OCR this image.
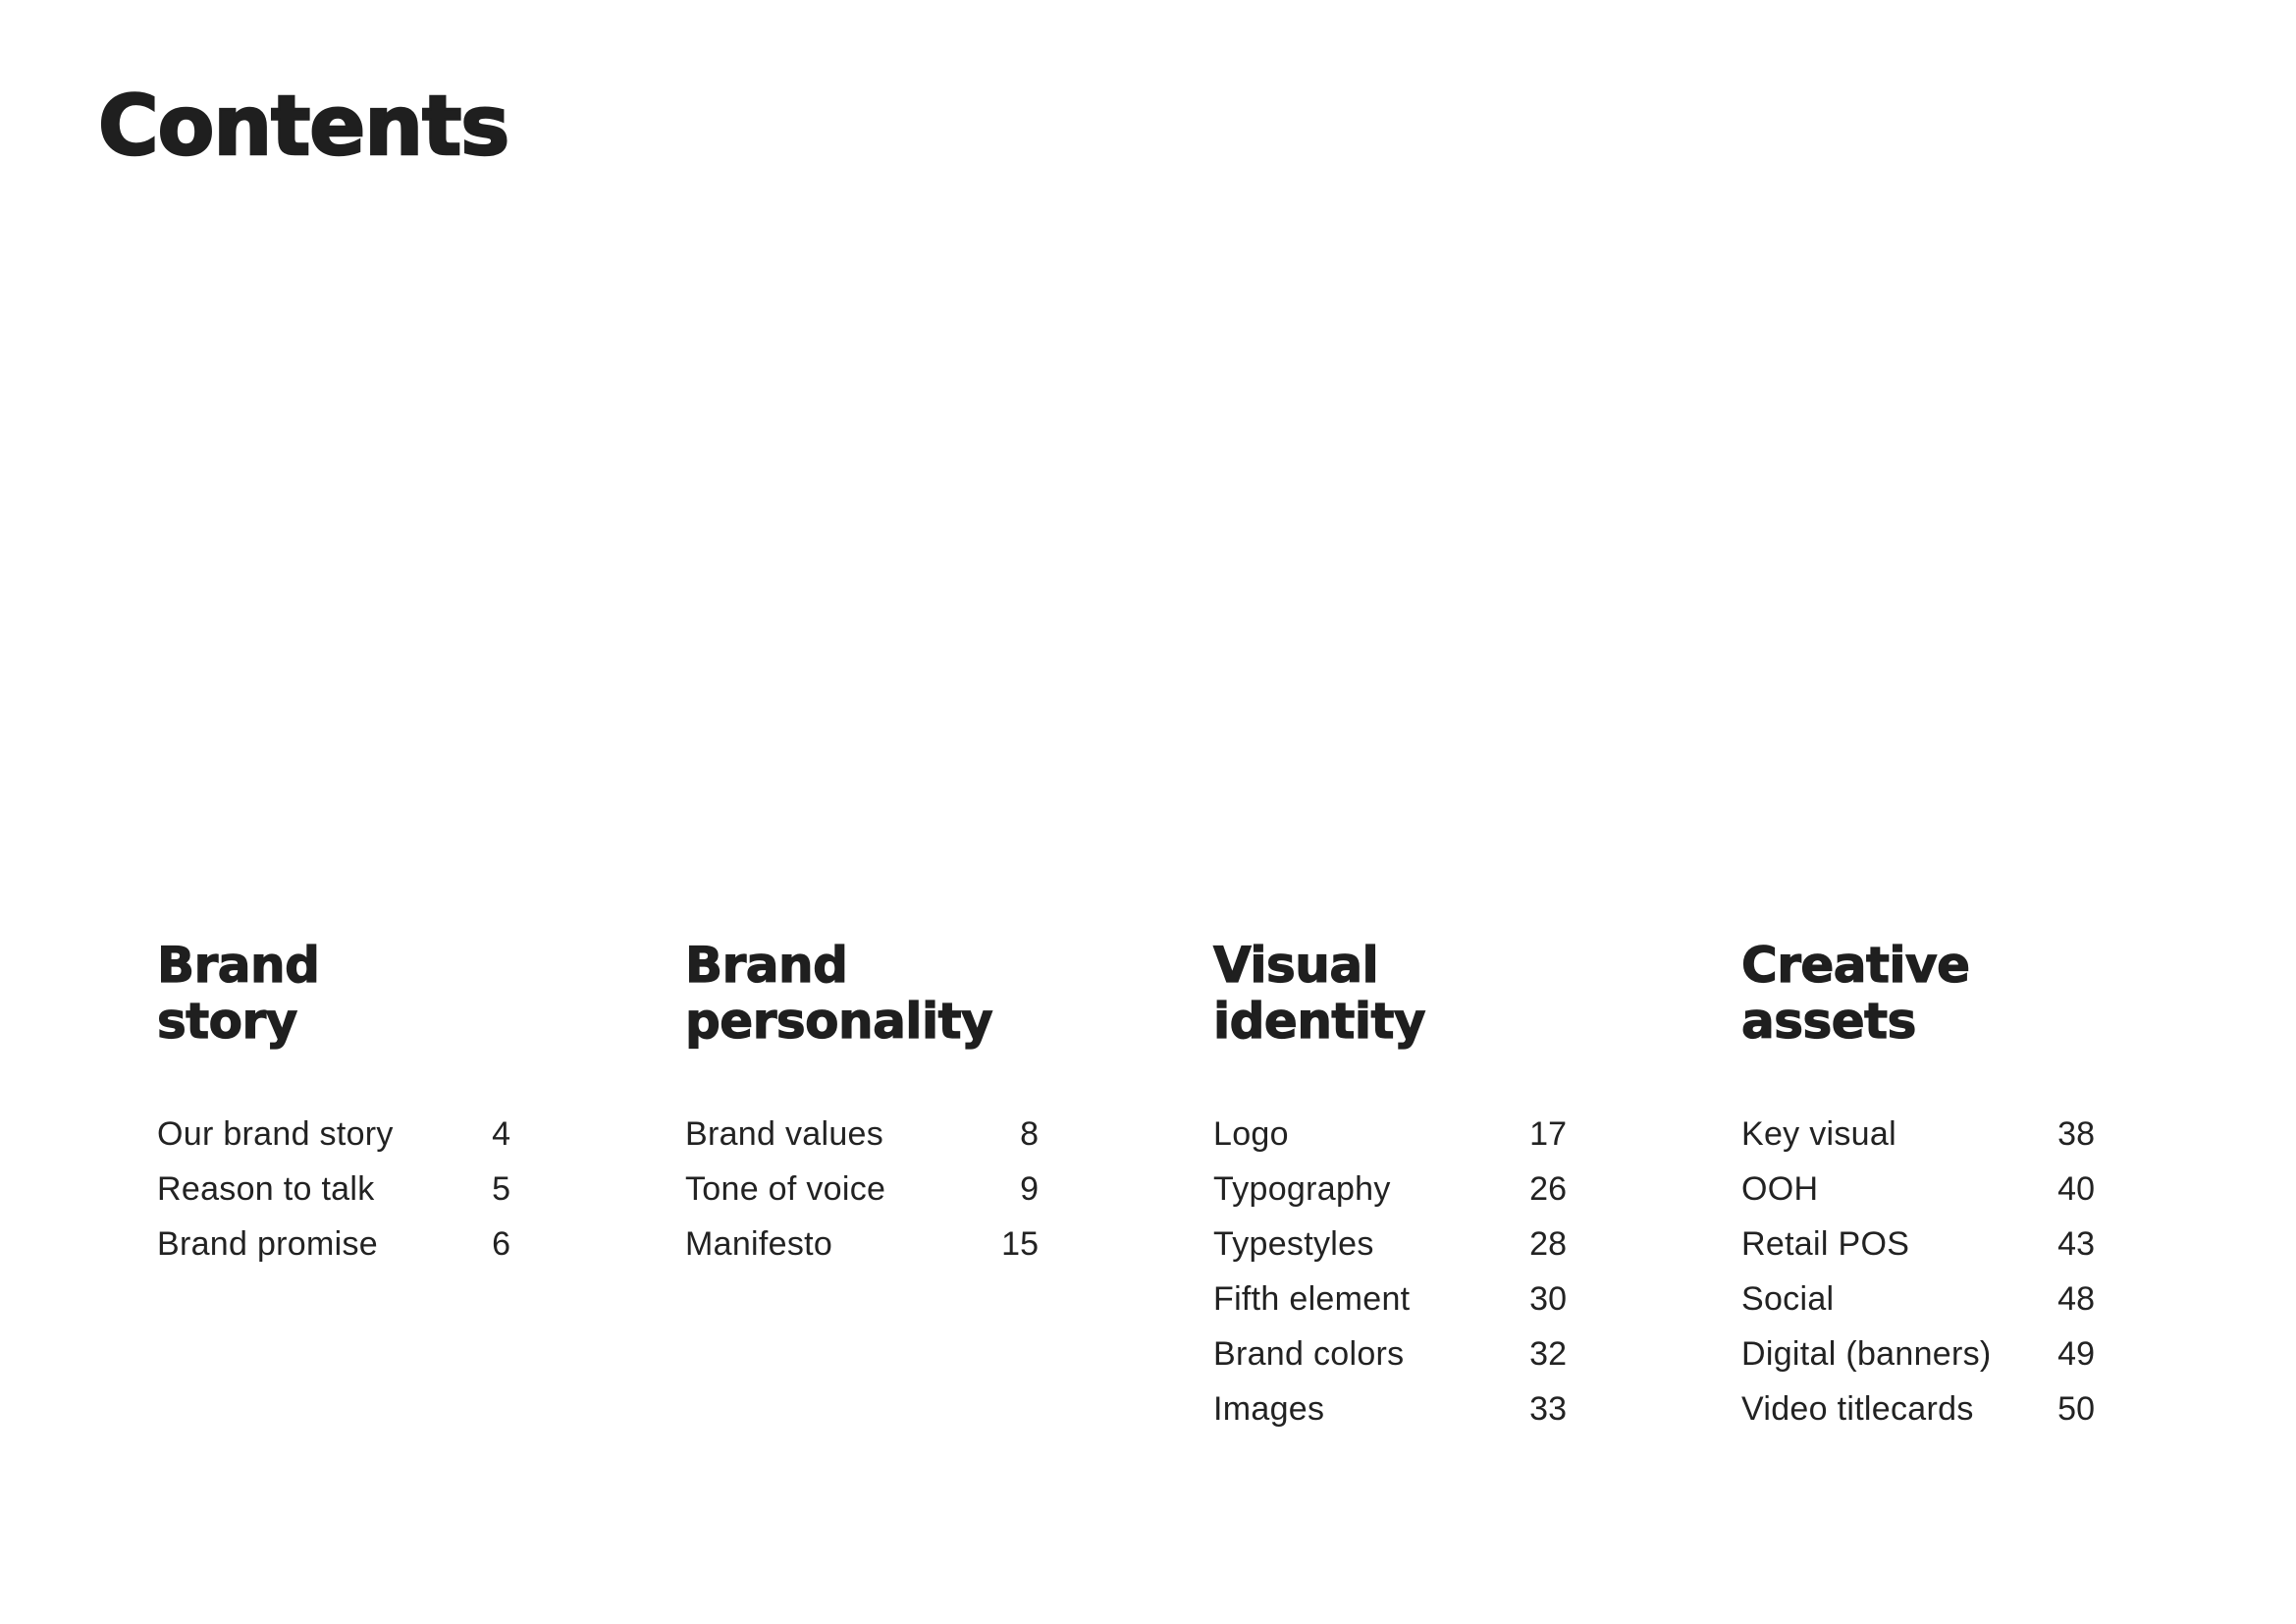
Contents
Brand
story
Our brand story	4
Reason to talk	5
Brand promise	6
Brand
personality
Brand values	8
Tone of voice	9
Manifesto	15
Visual
identity
Logo	17
Typography	26
Typestyles	28
Fifth element	30
Brand colors	32
Images	33
Creative
assets
Key visual	38
OOH	40
Retail POS	43
Social	48
Digital (banners)	49
Video titlecards	50
